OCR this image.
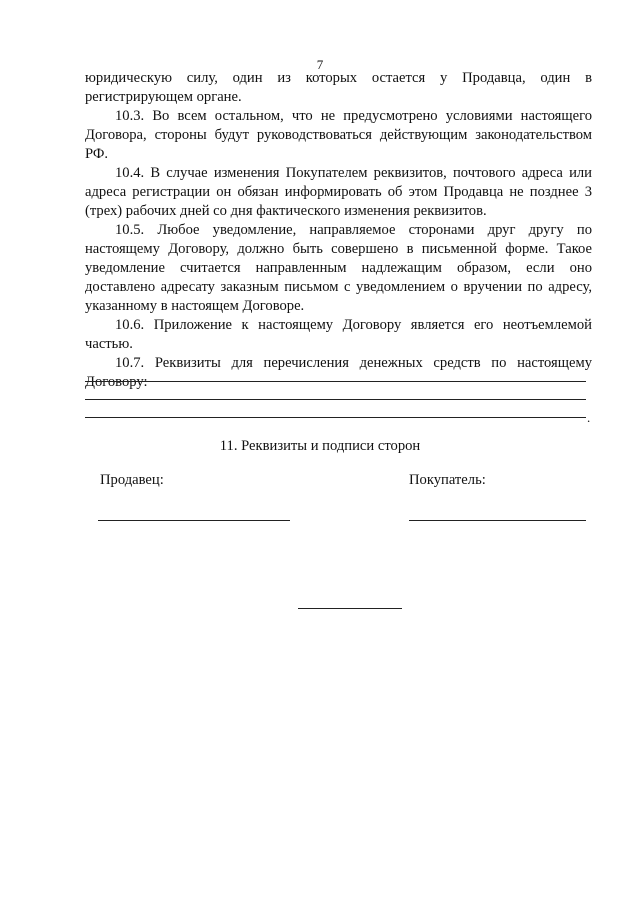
7

юридическую силу, один из которых остается у Продавца, один в регистрирующем органе.

10.3. Во всем остальном, что не предусмотрено условиями настоящего Договора, стороны будут руководствоваться действующим законодательством РФ.

10.4. В случае изменения Покупателем реквизитов, почтового адреса или адреса регистрации он обязан информировать об этом Продавца не позднее 3 (трех) рабочих дней со дня фактического изменения реквизитов.

10.5. Любое уведомление, направляемое сторонами друг другу по настоящему Договору, должно быть совершено в письменной форме. Такое уведомление считается направленным надлежащим образом, если оно доставлено адресату заказным письмом с уведомлением о вручении по адресу, указанному в настоящем Договоре.

10.6. Приложение к настоящему Договору является его неотъемлемой частью.

10.7. Реквизиты для перечисления денежных средств по настоящему Договору:

.
11. Реквизиты и подписи сторон
Продавец:	Покупатель:
